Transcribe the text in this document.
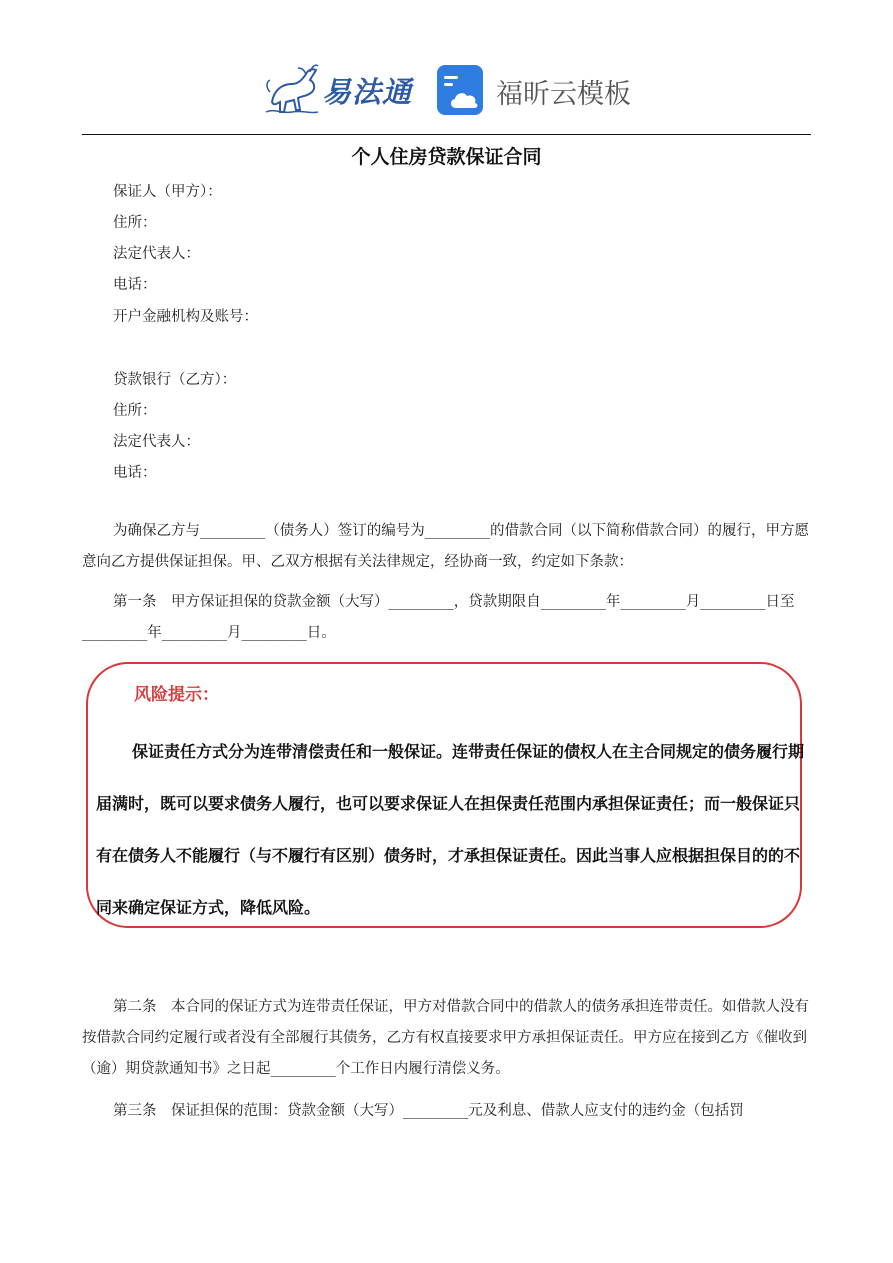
易法通	福昕云模板
个人住房贷款保证合同
保证人（甲方）：
住所：
法定代表人：
电话：
开户金融机构及账号：
贷款银行（乙方）：
住所：
法定代表人：
电话：

为确保乙方与_________（债务人）签订的编号为_________的借款合同（以下简称借款合同）的履行，甲方愿意向乙方提供保证担保。甲、乙双方根据有关法律规定，经协商一致，约定如下条款：

第一条　甲方保证担保的贷款金额（大写）_________，贷款期限自_________年_________月_________日至_________年_________月_________日。

风险提示：
保证责任方式分为连带清偿责任和一般保证。连带责任保证的债权人在主合同规定的债务履行期届满时，既可以要求债务人履行，也可以要求保证人在担保责任范围内承担保证责任；而一般保证只有在债务人不能履行（与不履行有区别）债务时，才承担保证责任。因此当事人应根据担保目的的不同来确定保证方式，降低风险。

第二条　本合同的保证方式为连带责任保证，甲方对借款合同中的借款人的债务承担连带责任。如借款人没有按借款合同约定履行或者没有全部履行其债务，乙方有权直接要求甲方承担保证责任。甲方应在接到乙方《催收到（逾）期贷款通知书》之日起_________个工作日内履行清偿义务。

第三条　保证担保的范围：贷款金额（大写）_________元及利息、借款人应支付的违约金（包括罚
